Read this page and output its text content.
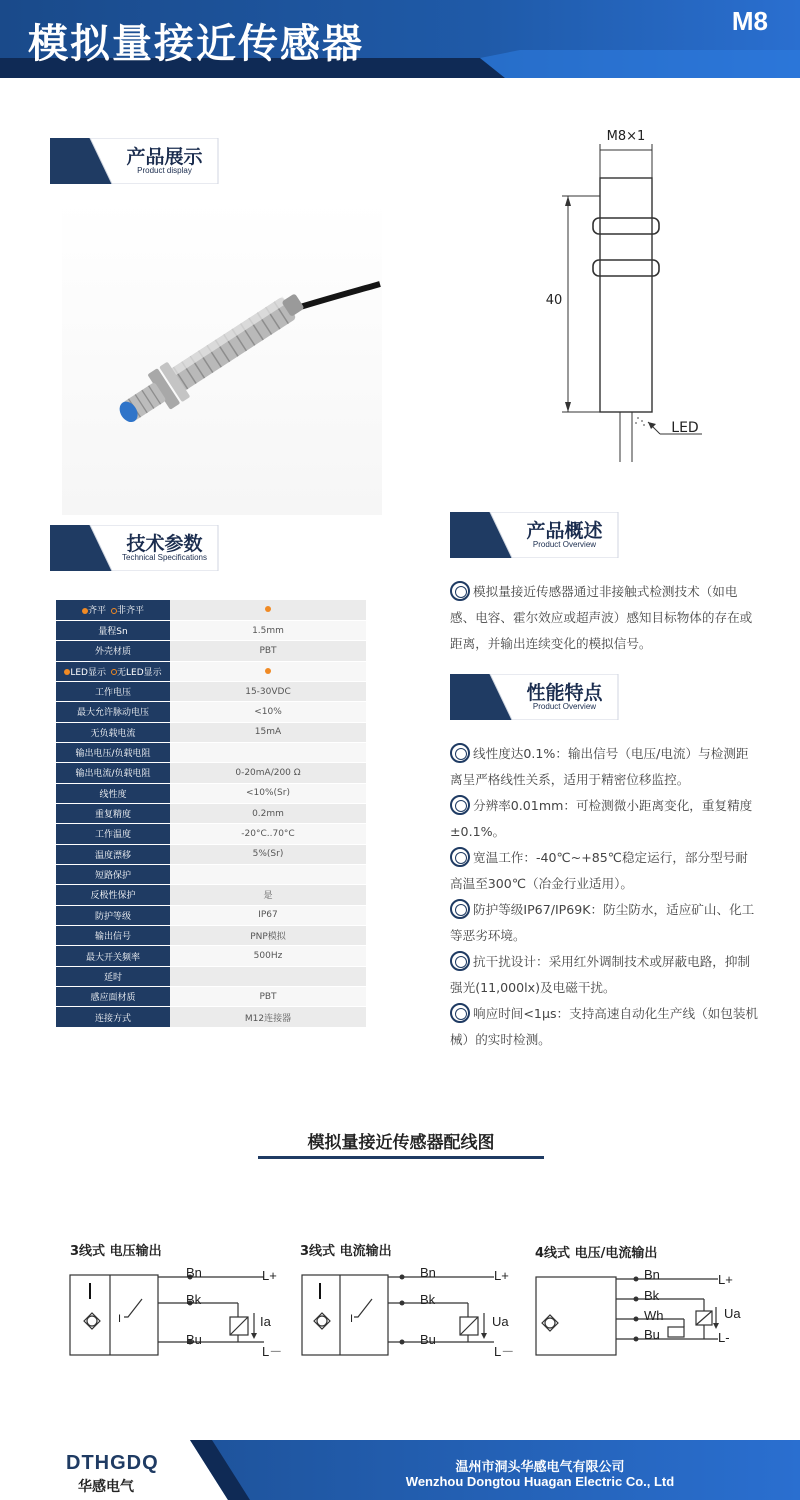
模拟量接近传感器	M8
产品展示
Product display
M8×1
40
LED
技术参数
Technical Specifications
齐平 非齐平	
量程Sn	1.5mm
外壳材质	PBT
LED显示 无LED显示	
工作电压	15-30VDC
最大允许脉动电压	<10%
无负载电流	15mA
输出电压/负载电阻	
输出电流/负载电阻	0-20mA/200 Ω
线性度	<10%(Sr)
重复精度	0.2mm
工作温度	-20°C..70°C
温度漂移	5%(Sr)
短路保护	
反极性保护	是
防护等级	IP67
输出信号	PNP模拟
最大开关频率	500Hz
延时	
感应面材质	PBT
连接方式	M12连接器
产品概述
Product Overview
模拟量接近传感器通过非接触式检测技术（如电感、电容、霍尔效应或超声波）感知目标物体的存在或距离，并输出连续变化的模拟信号。
性能特点
Product Overview
线性度达0.1%：输出信号（电压/电流）与检测距离呈严格线性关系，适用于精密位移监控。
分辨率0.01mm：可检测微小距离变化，重复精度±0.1%。
宽温工作：-40℃~+85℃稳定运行，部分型号耐高温至300℃（冶金行业适用）。
防护等级IP67/IP69K：防尘防水，适应矿山、化工等恶劣环境。
抗干扰设计：采用红外调制技术或屏蔽电路，抑制强光(11,000lx)及电磁干扰。
响应时间<1μs：支持高速自动化生产线（如包装机械）的实时检测。
模拟量接近传感器配线图
3线式 电压输出	3线式 电流输出	4线式 电压/电流输出
Bn
Bk
Bu
L+
L－
Ia
I
Bn
Bk
Bu
L+
L－
Ua
I
Bn
Bk
Wh
Bu
L+
L-
Ua
DTHGDQ
华感电气
温州市洞头华感电气有限公司
Wenzhou Dongtou Huagan Electric Co., Ltd
